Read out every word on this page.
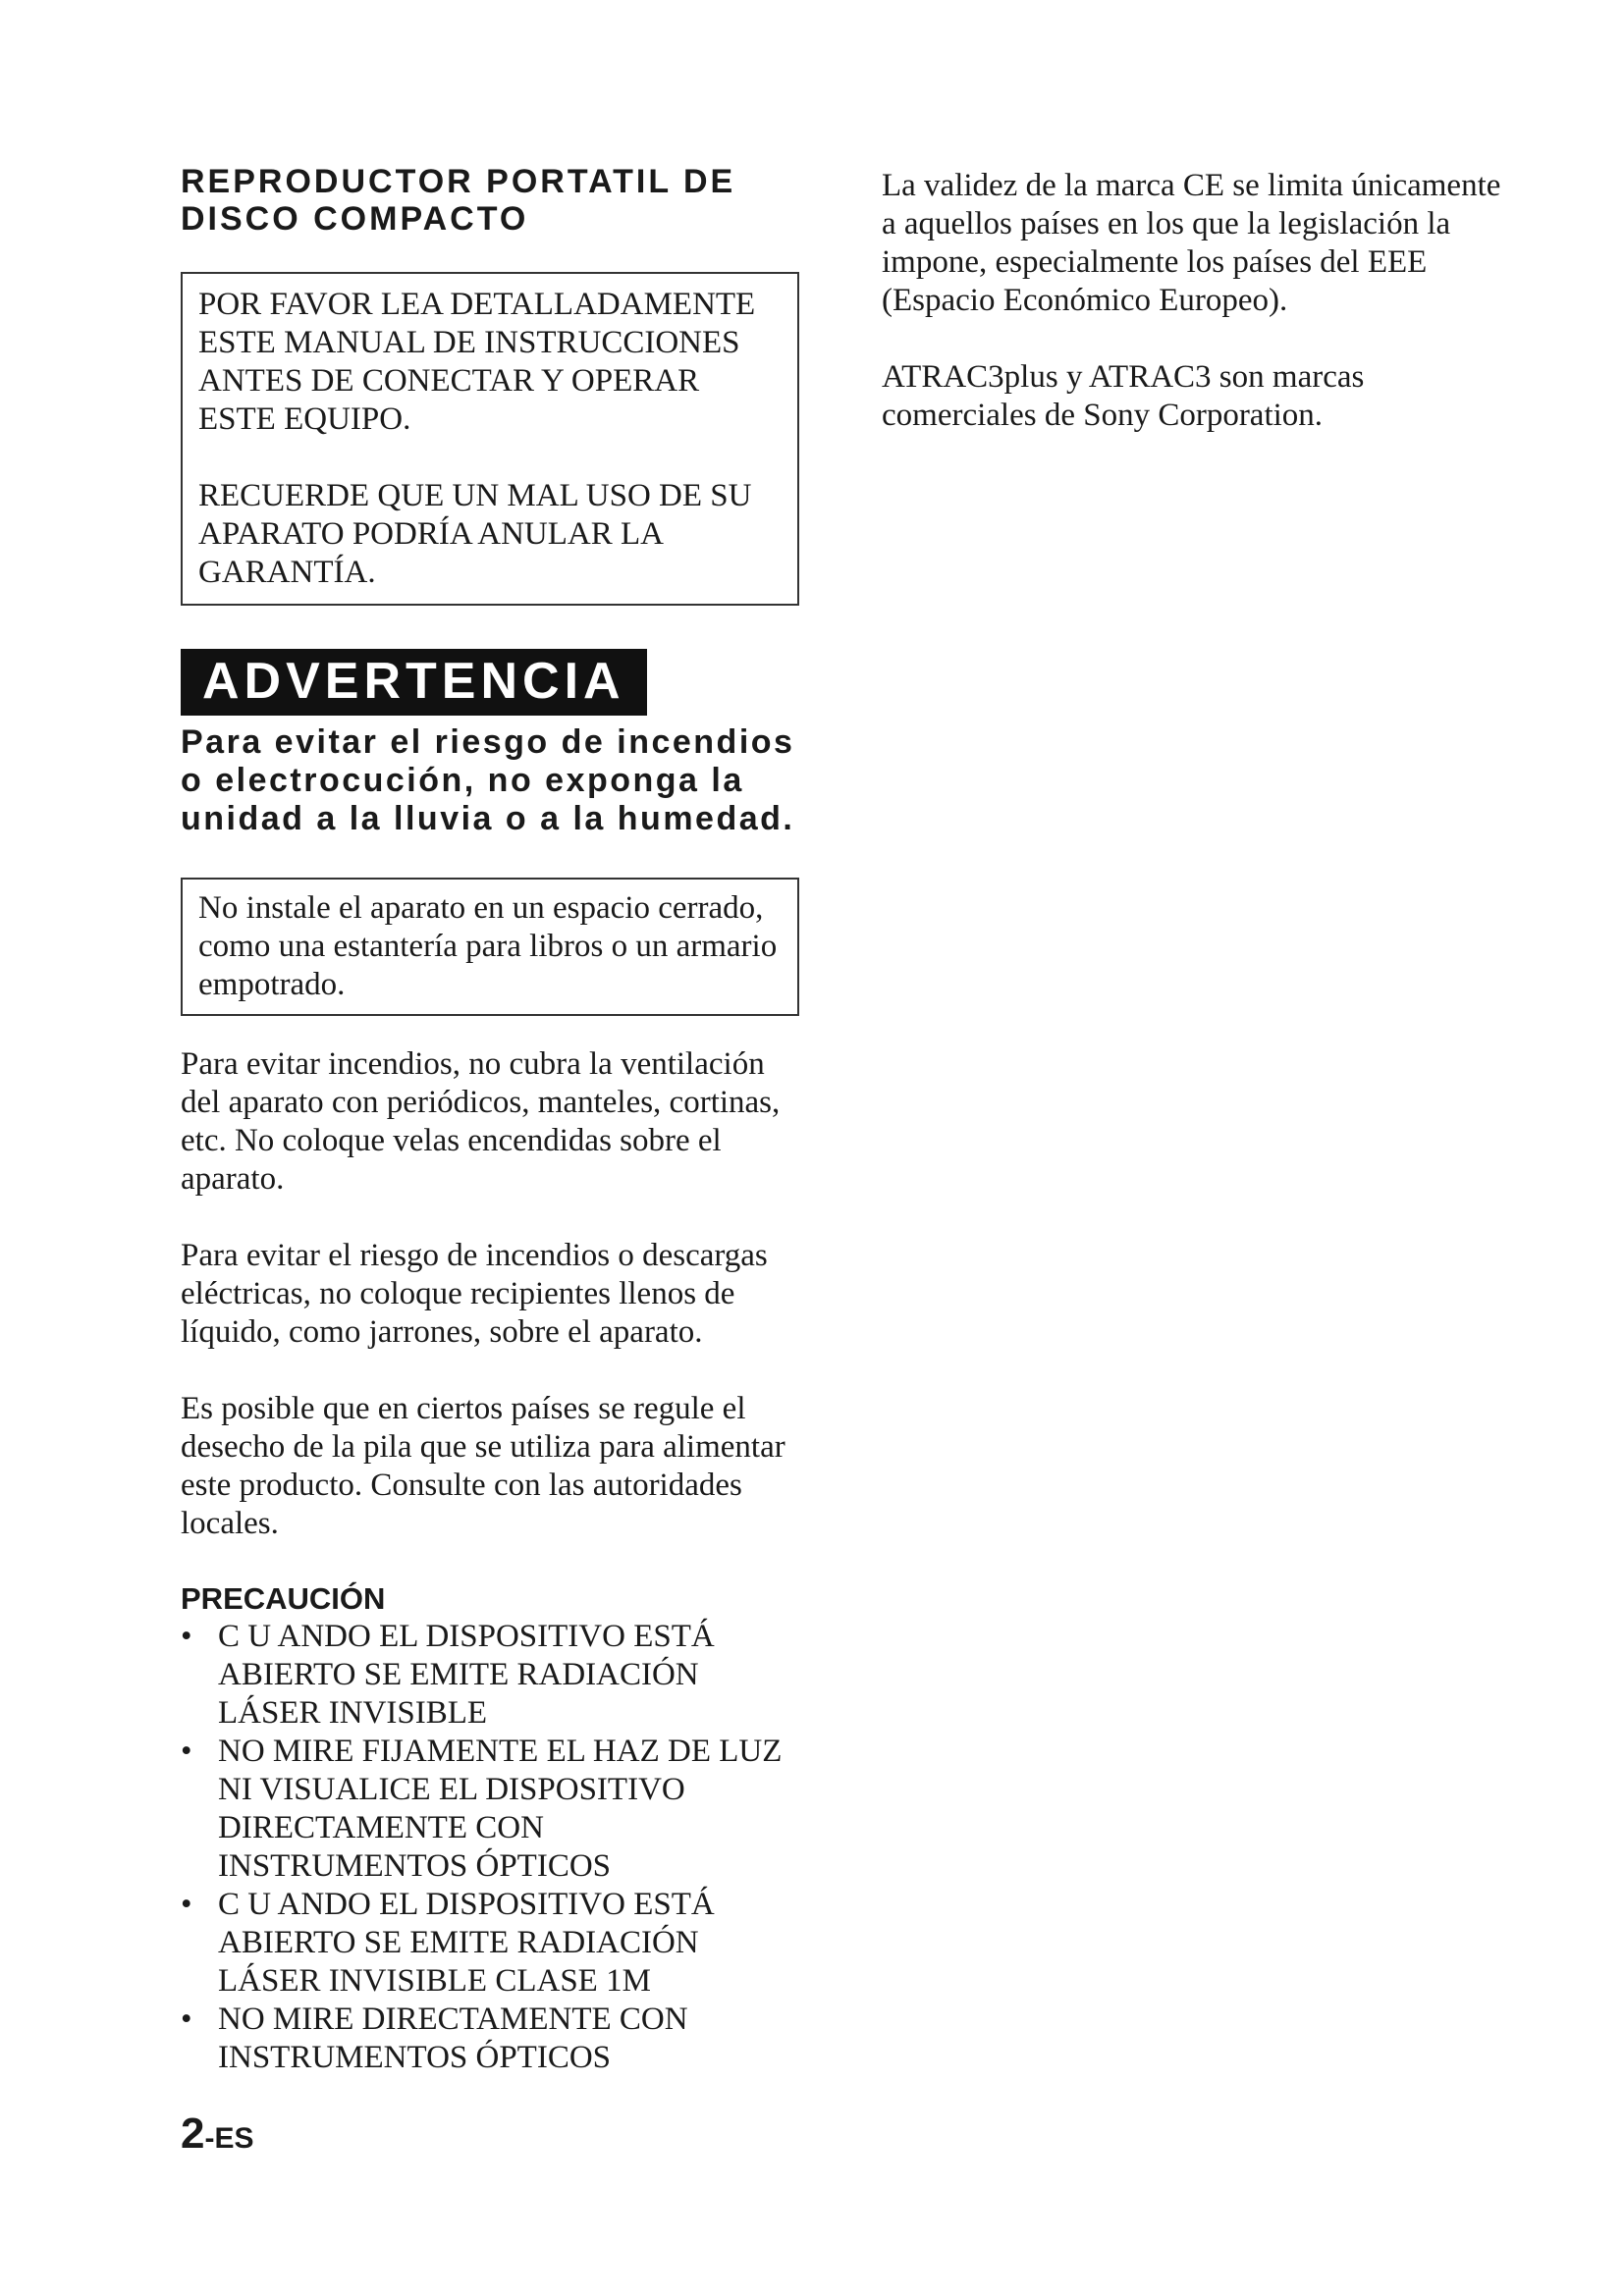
REPRODUCTOR PORTATIL DE
DISCO COMPACTO

POR FAVOR LEA DETALLADAMENTE
ESTE MANUAL DE INSTRUCCIONES
ANTES DE CONECTAR Y OPERAR
ESTE EQUIPO.

RECUERDE QUE UN MAL USO DE SU
APARATO PODRÍA ANULAR LA
GARANTÍA.

ADVERTENCIA

Para evitar el riesgo de incendios o electrocución, no exponga la unidad a la lluvia o a la humedad.

No instale el aparato en un espacio cerrado, como una estantería para libros o un armario empotrado.

Para evitar incendios, no cubra la ventilación del aparato con periódicos, manteles, cortinas, etc. No coloque velas encendidas sobre el aparato.

Para evitar el riesgo de incendios o descargas eléctricas, no coloque recipientes llenos de líquido, como jarrones, sobre el aparato.

Es posible que en ciertos países se regule el desecho de la pila que se utiliza para alimentar este producto. Consulte con las autoridades locales.

PRECAUCIÓN
• C U ANDO EL DISPOSITIVO ESTÁ ABIERTO SE EMITE RADIACIÓN LÁSER INVISIBLE
• NO MIRE FIJAMENTE EL HAZ DE LUZ NI VISUALICE EL DISPOSITIVO DIRECTAMENTE CON INSTRUMENTOS ÓPTICOS
• C U ANDO EL DISPOSITIVO ESTÁ ABIERTO SE EMITE RADIACIÓN LÁSER INVISIBLE CLASE 1M
• NO MIRE DIRECTAMENTE CON INSTRUMENTOS ÓPTICOS

La validez de la marca CE se limita únicamente a aquellos países en los que la legislación la impone, especialmente los países del EEE (Espacio Económico Europeo).

ATRAC3plus y ATRAC3 son marcas comerciales de Sony Corporation.

2-ES
